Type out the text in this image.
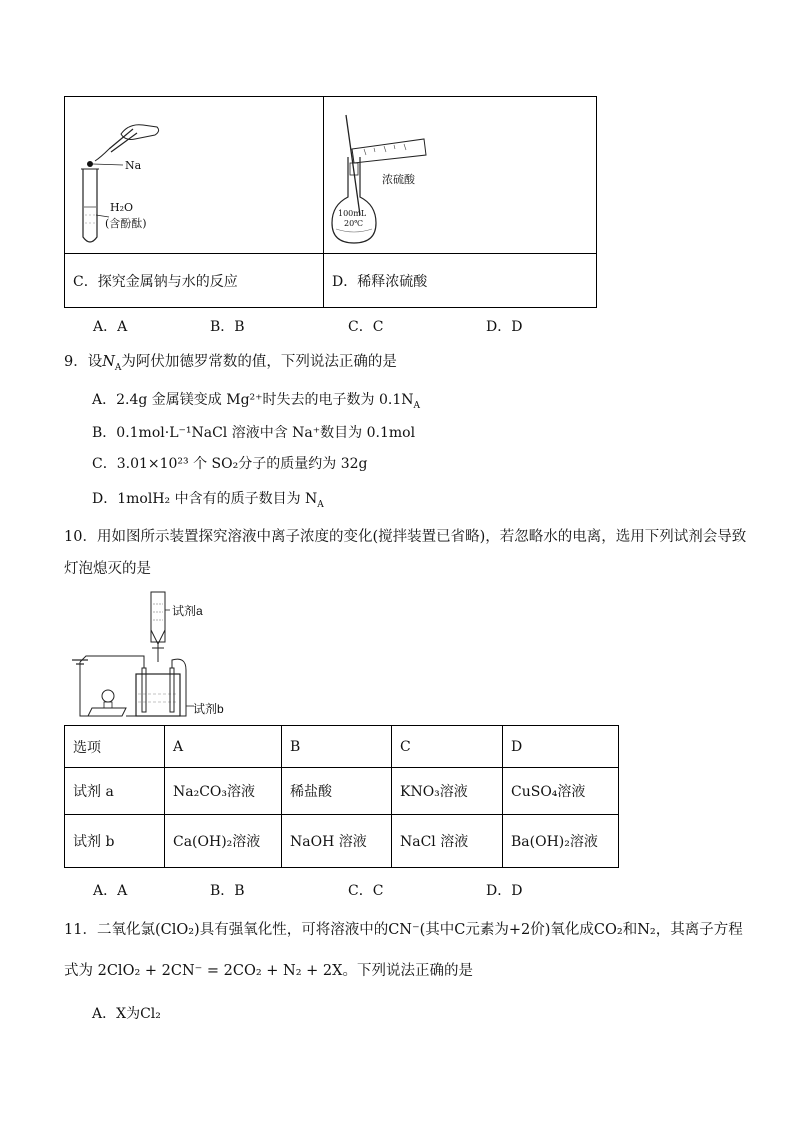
Na
H₂O
(含酚酞)	浓硫酸
100mL
20℃

C．探究金属钠与水的反应	D．稀释浓硫酸
A．A	B．B	C．C	D．D
9．设$N_A$为阿伏加德罗常数的值，下列说法正确的是
A．2.4g 金属镁变成 Mg²⁺时失去的电子数为 $0.1N_A$
B．0.1mol·L⁻¹NaCl 溶液中含 Na⁺数目为 0.1mol
C．3.01×10²³ 个 SO₂分子的质量约为 32g
D．1molH₂ 中含有的质子数目为 $N_A$
10．用如图所示装置探究溶液中离子浓度的变化(搅拌装置已省略)，若忽略水的电离，选用下列试剂会导致
灯泡熄灭的是
试剂a
试剂b
选项	A	B	C	D
试剂 a	Na₂CO₃溶液	稀盐酸	KNO₃溶液	CuSO₄溶液
试剂 b	Ca(OH)₂溶液	NaOH 溶液	NaCl 溶液	Ba(OH)₂溶液
A．A	B．B	C．C	D．D
11．二氧化氯(ClO₂)具有强氧化性，可将溶液中的CN⁻(其中C元素为+2价)氧化成CO₂和N₂，其离子方程
式为 2ClO₂ + 2CN⁻ = 2CO₂ + N₂ + 2X。下列说法正确的是
A．X为Cl₂
